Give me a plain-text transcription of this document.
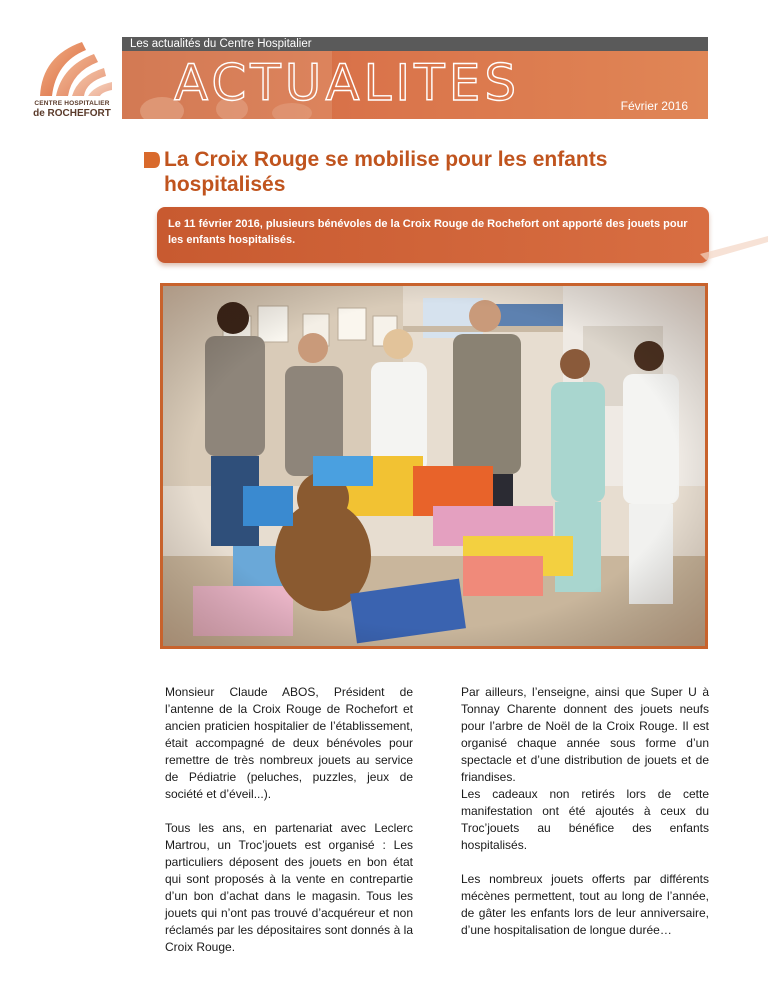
CENTRE HOSPITALIER
de ROCHEFORT
Les actualités du Centre Hospitalier
ACTUALITES	Février 2016
La Croix Rouge se mobilise pour les enfants hospitalisés

Le 11 février 2016, plusieurs bénévoles de la Croix Rouge de Rochefort ont apporté des jouets pour les enfants hospitalisés.

Monsieur Claude ABOS, Président de l’antenne de la Croix Rouge de Rochefort et ancien praticien hospitalier de l’établissement, était accompagné de deux bénévoles pour remettre de très nombreux jouets au service de Pédiatrie (peluches, puzzles, jeux de société et d’éveil...).

Tous les ans, en partenariat avec Leclerc Martrou, un Troc’jouets est organisé : Les particuliers déposent des jouets en bon état qui sont proposés à la vente en contrepartie d’un bon d’achat dans le magasin. Tous les jouets qui n’ont pas trouvé d’acquéreur et non réclamés par les dépositaires sont donnés à la Croix Rouge.

Par ailleurs, l’enseigne, ainsi que Super U à Tonnay Charente donnent des jouets neufs pour l’arbre de Noël de la Croix Rouge. Il est organisé chaque année sous forme d’un spectacle et d’une distribution de jouets et de friandises.

Les cadeaux non retirés lors de cette manifestation ont été ajoutés à ceux du Troc’jouets au bénéfice des enfants hospitalisés.

Les nombreux jouets offerts par différents mécènes permettent, tout au long de l’année, de gâter les enfants lors de leur anniversaire, d’une hospitalisation de longue durée…
